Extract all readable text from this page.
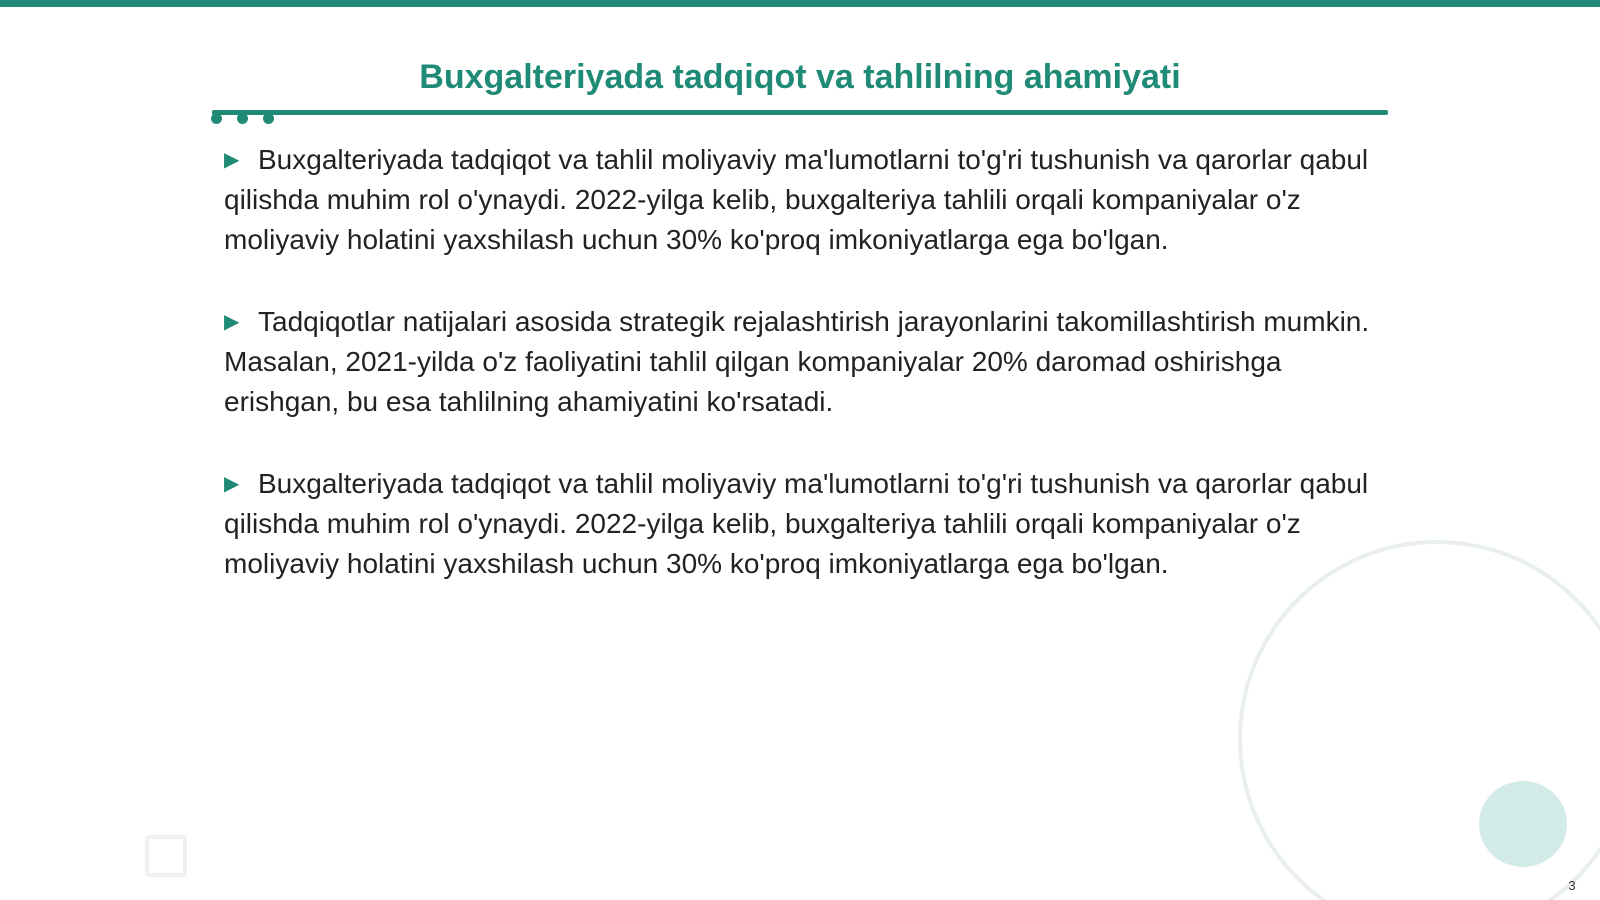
Buxgalteriyada tadqiqot va tahlilning ahamiyati

▶ Buxgalteriyada tadqiqot va tahlil moliyaviy ma'lumotlarni to'g'ri tushunish va qarorlar qabul qilishda muhim rol o'ynaydi. 2022-yilga kelib, buxgalteriya tahlili orqali kompaniyalar o'z moliyaviy holatini yaxshilash uchun 30% ko'proq imkoniyatlarga ega bo'lgan.

▶ Tadqiqotlar natijalari asosida strategik rejalashtirish jarayonlarini takomillashtirish mumkin. Masalan, 2021-yilda o'z faoliyatini tahlil qilgan kompaniyalar 20% daromad oshirishga erishgan, bu esa tahlilning ahamiyatini ko'rsatadi.

▶ Buxgalteriyada tadqiqot va tahlil moliyaviy ma'lumotlarni to'g'ri tushunish va qarorlar qabul qilishda muhim rol o'ynaydi. 2022-yilga kelib, buxgalteriya tahlili orqali kompaniyalar o'z moliyaviy holatini yaxshilash uchun 30% ko'proq imkoniyatlarga ega bo'lgan.

3
